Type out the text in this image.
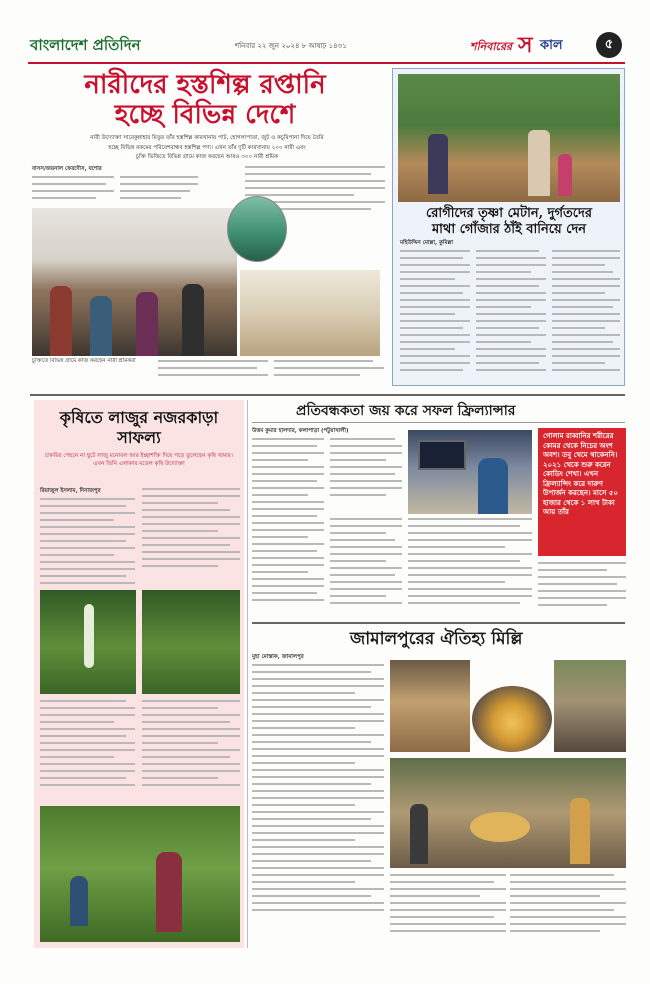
বাংলাদেশ প্রতিদিন	শনিবার ২২ জুন ২০২৪ ৮ আষাঢ় ১৪৩১	শনিবারের স কাল	৫
নারীদের হস্তশিল্প রপ্তানি
হচ্ছে বিভিন্ন দেশে
নারী উদ্যোক্তা সাবেকুন্নাহার মিতুর তাঁর হস্তশিল্প কারখানায় পাট, হোগলাপাতা, জুট ও কচুরিপানা দিয়ে তৈরি
হচ্ছে বিভিন্ন রকমের পরিবেশবান্ধব হস্তশিল্প পণ্য। এখন তাঁর দুটি কারখানায় ২০০ নারী এবং
চুক্তি ভিত্তিতে বিভিন্ন গ্রামে কাজ করছেন আরও ৩০০ নারী শ্রমিক
বাসস/জয়নাল ফেরদৌস, যশোর
চুক্তিতে বিভিন্ন গ্রামে কাজ করছেন নারী শ্রমিকরা
রোগীদের তৃষ্ণা মেটান, দুর্গতদের
মাথা গোঁজার ঠাঁই বানিয়ে দেন
মহিউদ্দিন মোল্লা, কুমিল্লা
কৃষিতে লাজুর নজরকাড়া
সাফল্য
চাকরির পেছনে না ছুটে লাজু মনোবল আর ইচ্ছাশক্তি দিয়ে গড়ে তুলেছেন কৃষি খামার। এখন তিনি এলাকার মডেল কৃষি উদ্যোক্তা
রিয়াজুল ইসলাম, দিনাজপুর
প্রতিবন্ধকতা জয় করে সফল ফ্রিল্যান্সার
উত্তম কুমার হালদার, কলাপাড়া (পটুয়াখালী)
গোলাম রাব্বানির শরীরের কোমর থেকে নিচের অংশ অবশ। তবু থেমে থাকেননি। ২০২১ থেকে শুরু করেন কোডিং শেখা। এখন ফ্রিল্যান্সিং করে দারুণ উপার্জন করছেন। মাসে ৫০ হাজার থেকে ১ লাখ টাকা আয় তাঁর
জামালপুরের ঐতিহ্য মিল্লি
মুহা মোস্তাক, জামালপুর
